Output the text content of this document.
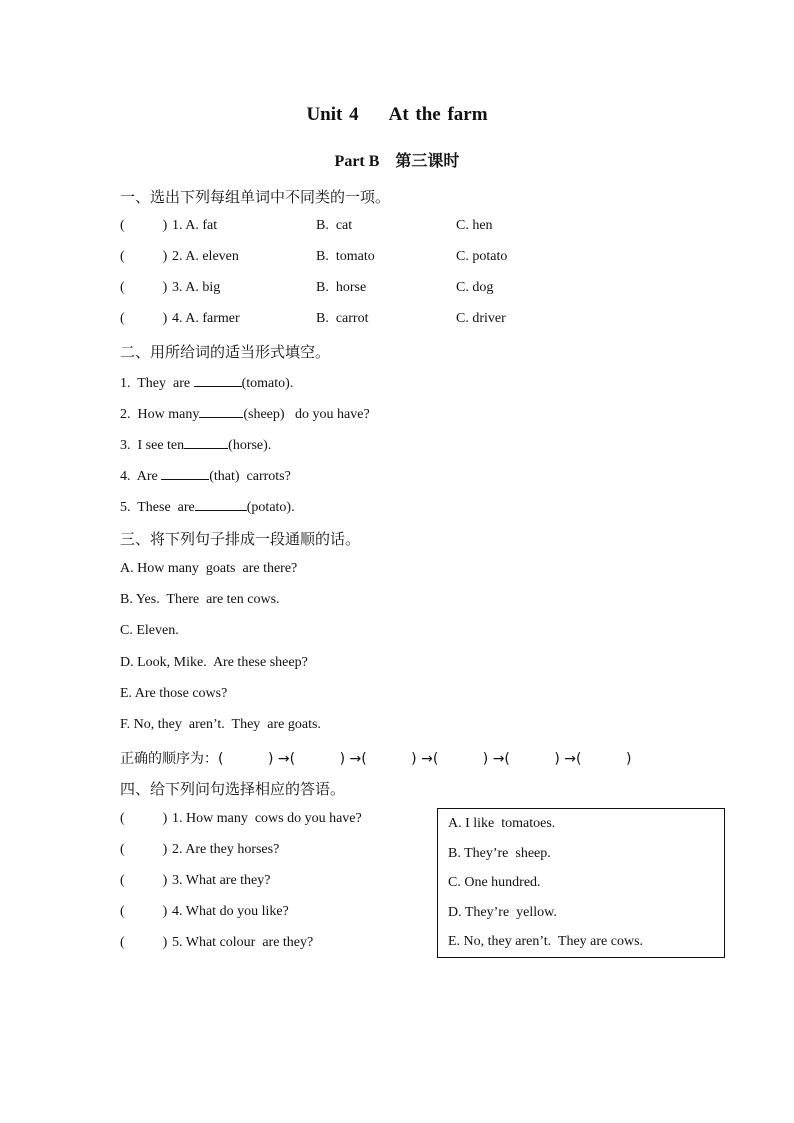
Unit 4 At the farm
Part B 第三课时
一、选出下列每组单词中不同类的一项。
(	) 1. A. fat	B.  cat	C. hen
(	) 2. A. eleven	B.  tomato	C. potato
(	) 3. A. big	B.  horse	C. dog
(	) 4. A. farmer	B.  carrot	C. driver
二、用所给词的适当形式填空。
1.  They  are	(tomato).
2.  How many	(sheep)   do you have?
3.  I see ten	(horse).
4.  Are	(that)  carrots?
5.  These  are	(potato).
三、将下列句子排成一段通顺的话。
A. How many  goats  are there?
B. Yes.  There  are ten cows.
C. Eleven.
D. Look, Mike.  Are these sheep?
E. Are those cows?
F. No, they  aren’t.  They  are goats.
正确的顺序为：(          ) →(          ) →(          ) →(          ) →(          ) →(          )
四、给下列问句选择相应的答语。
(	) 1. How many  cows do you have?
(	) 2. Are they horses?
(	) 3. What are they?
(	) 4. What do you like?
(	) 5. What colour  are they?
A. I like  tomatoes.
B. They’re  sheep.
C. One hundred.
D. They’re  yellow.
E. No, they aren’t.  They are cows.
